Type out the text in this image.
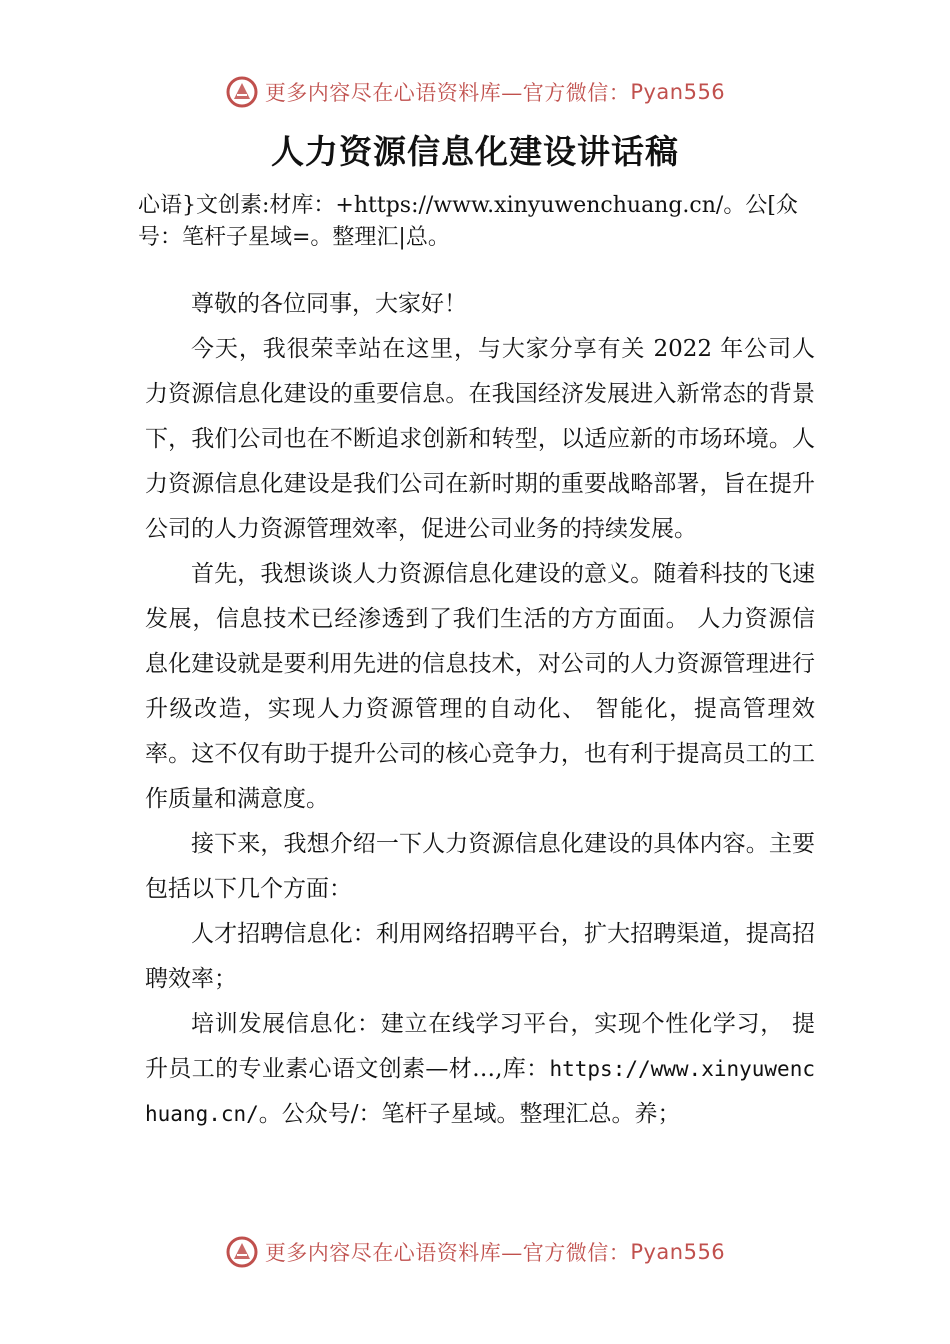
更多内容尽在心语资料库—官方微信： Pyan556
人力资源信息化建设讲话稿

心语}文创素:材库：+https://www.xinyuwenchuang.cn/。公[众号：笔杆子星域=。整理汇|总。

尊敬的各位同事，大家好！

今天，我很荣幸站在这里，与大家分享有关 2022 年公司人力资源信息化建设的重要信息。在我国经济发展进入新常态的背景下，我们公司也在不断追求创新和转型，以适应新的市场环境。人力资源信息化建设是我们公司在新时期的重要战略部署，旨在提升公司的人力资源管理效率，促进公司业务的持续发展。

首先，我想谈谈人力资源信息化建设的意义。随着科技的飞速发展，信息技术已经渗透到了我们生活的方方面面。 人力资源信息化建设就是要利用先进的信息技术，对公司的人力资源管理进行升级改造，实现人力资源管理的自动化、 智能化，提高管理效率。这不仅有助于提升公司的核心竞争力，也有利于提高员工的工作质量和满意度。

接下来，我想介绍一下人力资源信息化建设的具体内容。主要包括以下几个方面：

人才招聘信息化：利用网络招聘平台，扩大招聘渠道，提高招聘效率；

培训发展信息化：建立在线学习平台，实现个性化学习， 提升员工的专业素心语文创素—材…,库：https://www.xinyuwenchuang.cn/。公众号/：笔杆子星域。整理汇总。养；

更多内容尽在心语资料库—官方微信： Pyan556
